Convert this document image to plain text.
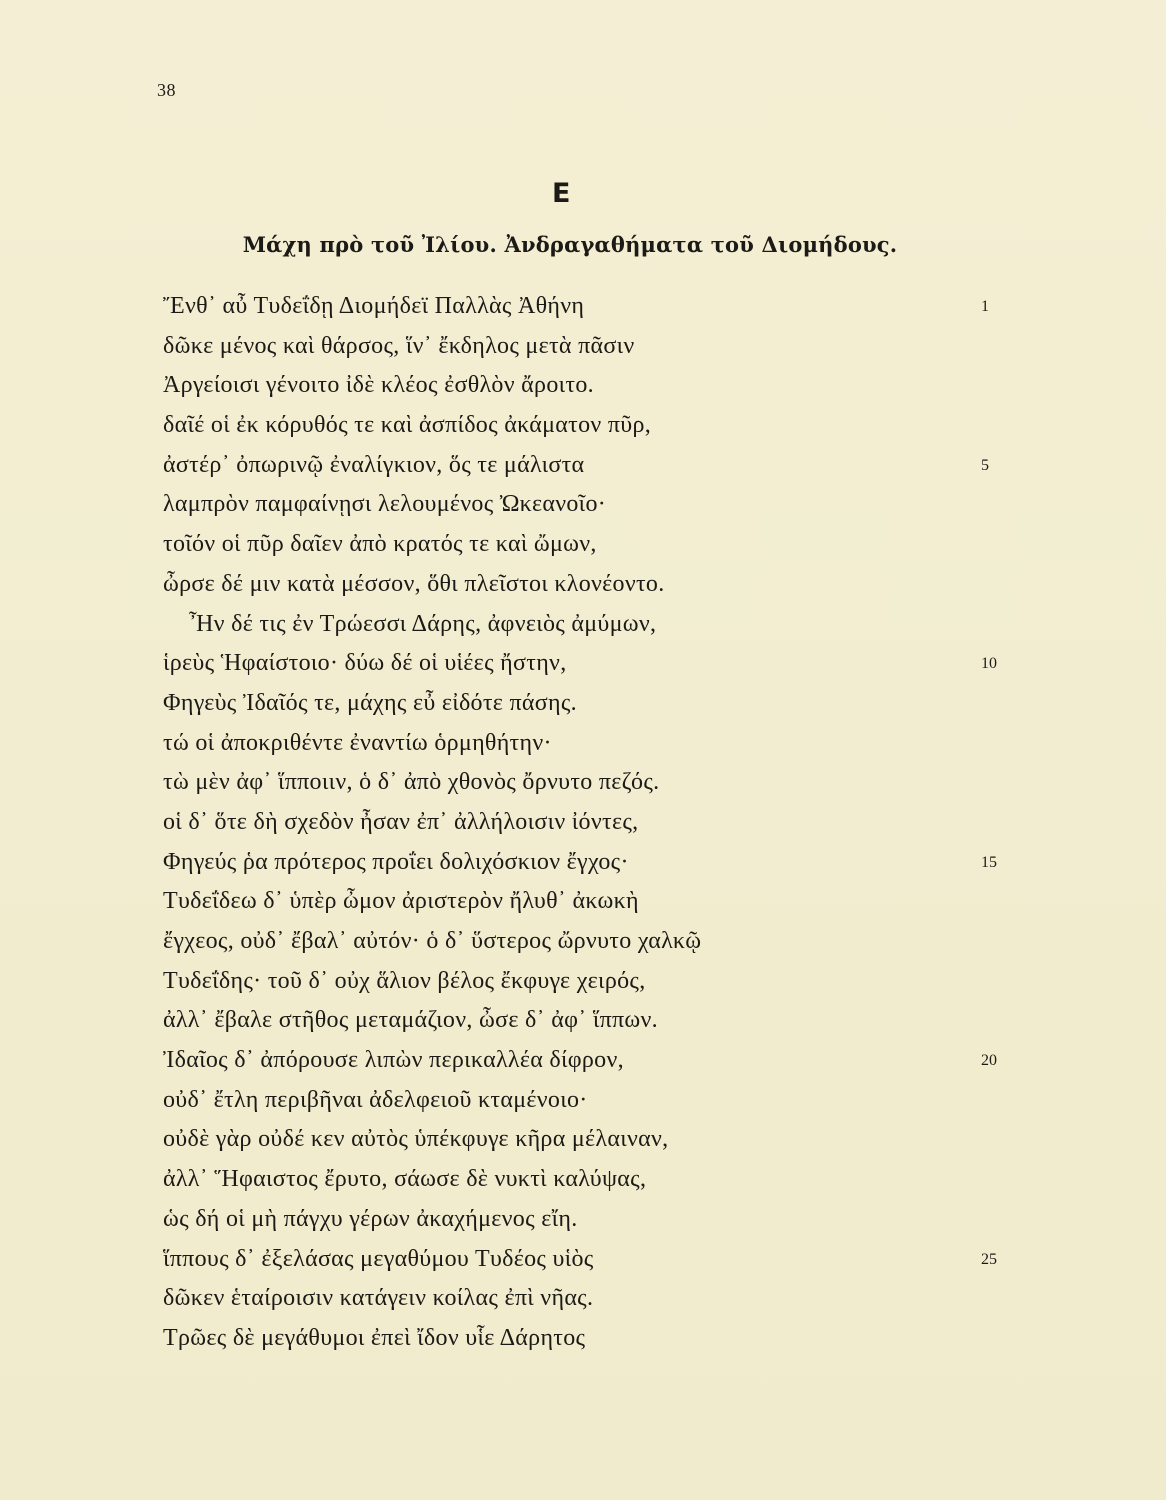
38
E
Μάχη πρὸ τοῦ Ἰλίου. Ἀνδραγαθήματα τοῦ Διομήδους.
Ἔνθ᾿ αὖ Τυδεΐδῃ Διομήδεϊ Παλλὰς Ἀθήνη	1
δῶκε μένος καὶ θάρσος, ἵν᾿ ἔκδηλος μετὰ πᾶσιν
Ἀργείοισι γένοιτο ἰδὲ κλέος ἐσθλὸν ἄροιτο.
δαῖέ οἱ ἐκ κόρυθός τε καὶ ἀσπίδος ἀκάματον πῦρ,
ἀστέρ᾿ ὀπωρινῷ ἐναλίγκιον, ὅς τε μάλιστα	5
λαμπρὸν παμφαίνῃσι λελουμένος Ὠκεανοῖο·
τοῖόν οἱ πῦρ δαῖεν ἀπὸ κρατός τε καὶ ὤμων,
ὦρσε δέ μιν κατὰ μέσσον, ὅθι πλεῖστοι κλονέοντο.
Ἦν δέ τις ἐν Τρώεσσι Δάρης, ἀφνειὸς ἀμύμων,
ἱρεὺς Ἡφαίστοιο· δύω δέ οἱ υἱέες ἤστην,	10
Φηγεὺς Ἰδαῖός τε, μάχης εὖ εἰδότε πάσης.
τώ οἱ ἀποκριθέντε ἐναντίω ὁρμηθήτην·
τὼ μὲν ἀφ᾿ ἵπποιιν, ὁ δ᾿ ἀπὸ χθονὸς ὄρνυτο πεζός.
οἱ δ᾿ ὅτε δὴ σχεδὸν ἦσαν ἐπ᾿ ἀλλήλοισιν ἰόντες,
Φηγεύς ῥα πρότερος προΐει δολιχόσκιον ἔγχος·	15
Τυδεΐδεω δ᾿ ὑπὲρ ὦμον ἀριστερὸν ἤλυθ᾿ ἀκωκὴ
ἔγχεος, οὐδ᾿ ἔβαλ᾿ αὐτόν· ὁ δ᾿ ὕστερος ὤρνυτο χαλκῷ
Τυδεΐδης· τοῦ δ᾿ οὐχ ἅλιον βέλος ἔκφυγε χειρός,
ἀλλ᾿ ἔβαλε στῆθος μεταμάζιον, ὦσε δ᾿ ἀφ᾿ ἵππων.
Ἰδαῖος δ᾿ ἀπόρουσε λιπὼν περικαλλέα δίφρον,	20
οὐδ᾿ ἔτλη περιβῆναι ἀδελφειοῦ κταμένοιο·
οὐδὲ γὰρ οὐδέ κεν αὐτὸς ὑπέκφυγε κῆρα μέλαιναν,
ἀλλ᾿ Ἥφαιστος ἔρυτο, σάωσε δὲ νυκτὶ καλύψας,
ὡς δή οἱ μὴ πάγχυ γέρων ἀκαχήμενος εἴη.
ἵππους δ᾿ ἐξελάσας μεγαθύμου Τυδέος υἱὸς	25
δῶκεν ἑταίροισιν κατάγειν κοίλας ἐπὶ νῆας.
Τρῶες δὲ μεγάθυμοι ἐπεὶ ἴδον υἷε Δάρητος
